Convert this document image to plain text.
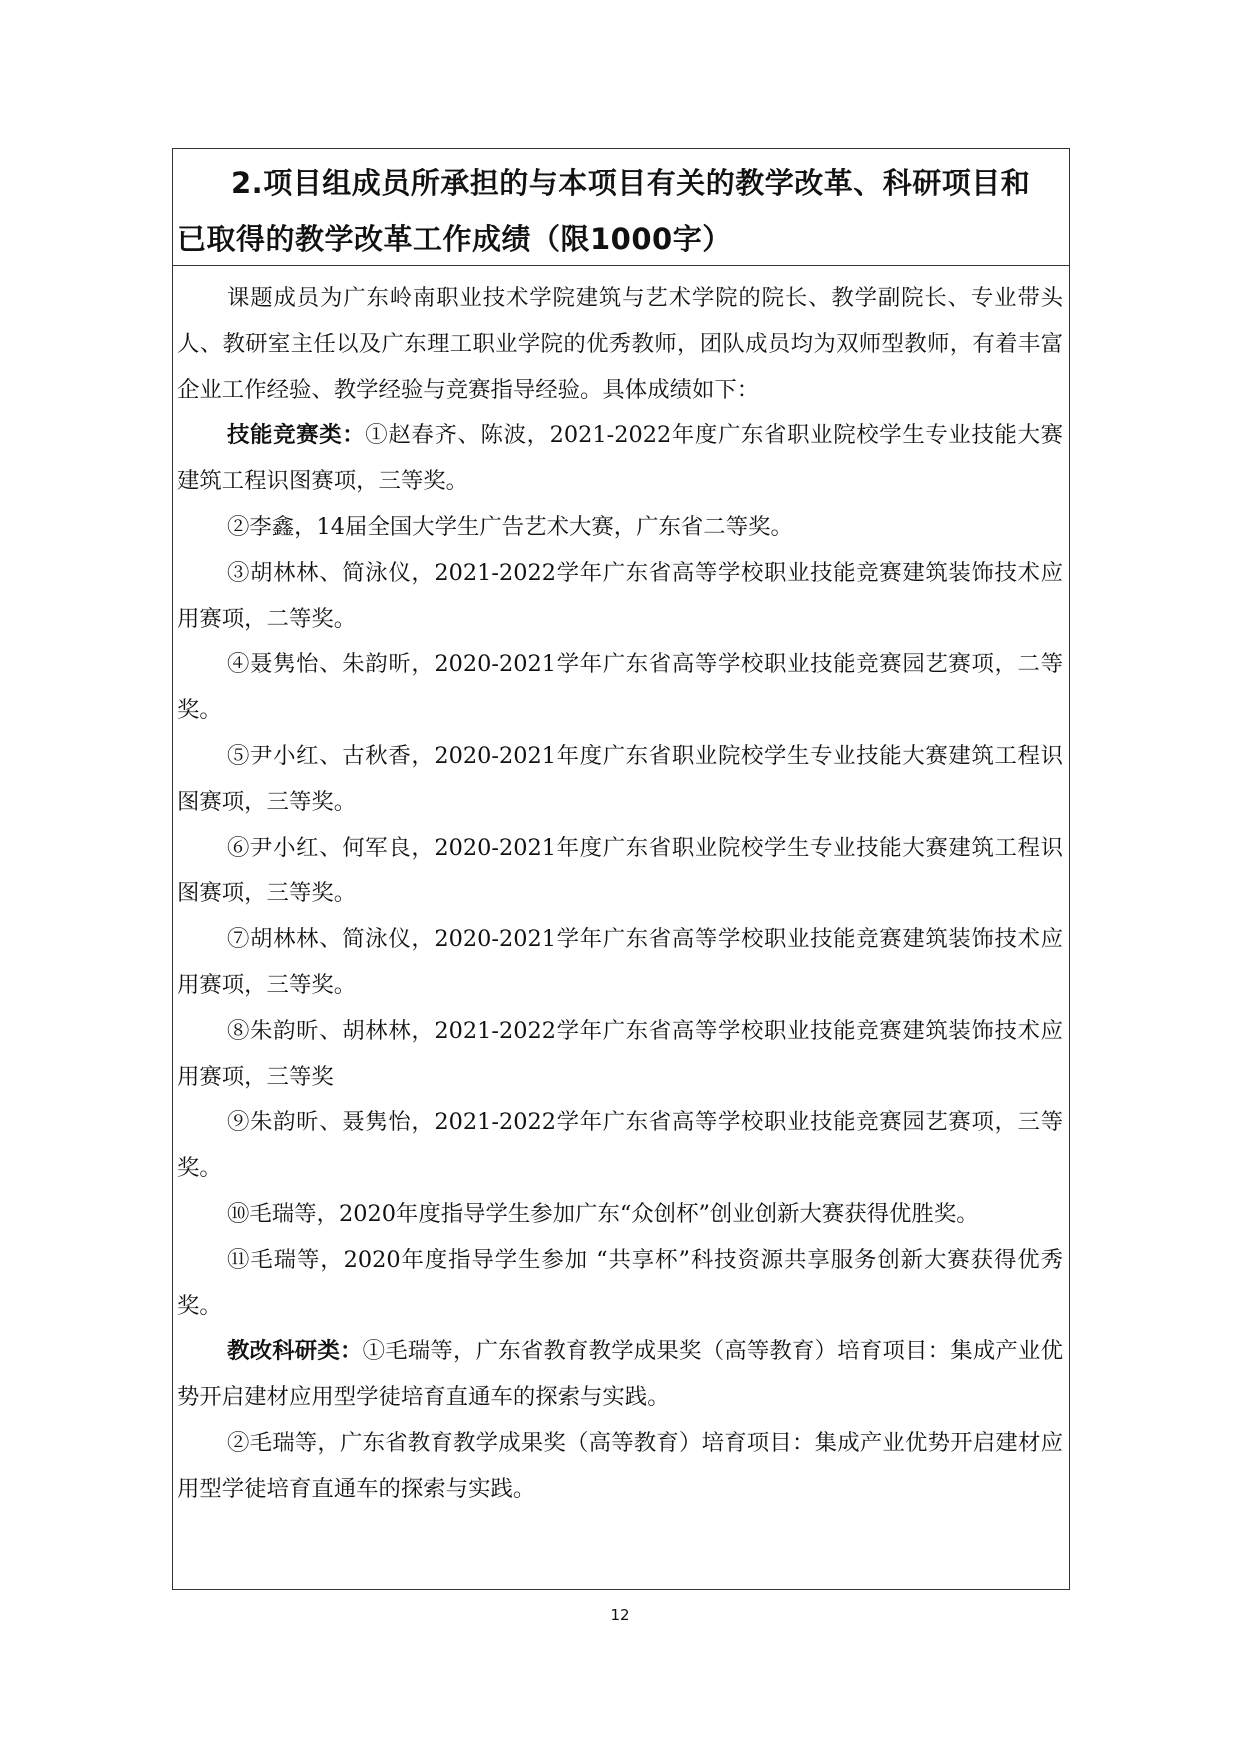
2.项目组成员所承担的与本项目有关的教学改革、科研项目和

已取得的教学改革工作成绩（限1000字）

课题成员为广东岭南职业技术学院建筑与艺术学院的院长、教学副院长、专业带头人、教研室主任以及广东理工职业学院的优秀教师，团队成员均为双师型教师，有着丰富企业工作经验、教学经验与竞赛指导经验。具体成绩如下：

技能竞赛类：①赵春齐、陈波，2021-2022年度广东省职业院校学生专业技能大赛建筑工程识图赛项，三等奖。

②李鑫，14届全国大学生广告艺术大赛，广东省二等奖。

③胡林林、简泳仪，2021-2022学年广东省高等学校职业技能竞赛建筑装饰技术应用赛项，二等奖。

④聂隽怡、朱韵昕，2020-2021学年广东省高等学校职业技能竞赛园艺赛项，二等奖。

⑤尹小红、古秋香，2020-2021年度广东省职业院校学生专业技能大赛建筑工程识图赛项，三等奖。

⑥尹小红、何军良，2020-2021年度广东省职业院校学生专业技能大赛建筑工程识图赛项，三等奖。

⑦胡林林、简泳仪，2020-2021学年广东省高等学校职业技能竞赛建筑装饰技术应用赛项，三等奖。

⑧朱韵昕、胡林林，2021-2022学年广东省高等学校职业技能竞赛建筑装饰技术应用赛项，三等奖

⑨朱韵昕、聂隽怡，2021-2022学年广东省高等学校职业技能竞赛园艺赛项，三等奖。

⑩毛瑞等，2020年度指导学生参加广东“众创杯”创业创新大赛获得优胜奖。

⑪毛瑞等，2020年度指导学生参加 “共享杯”科技资源共享服务创新大赛获得优秀奖。

教改科研类：①毛瑞等，广东省教育教学成果奖（高等教育）培育项目：集成产业优势开启建材应用型学徒培育直通车的探索与实践。

②毛瑞等，广东省教育教学成果奖（高等教育）培育项目：集成产业优势开启建材应用型学徒培育直通车的探索与实践。

12
